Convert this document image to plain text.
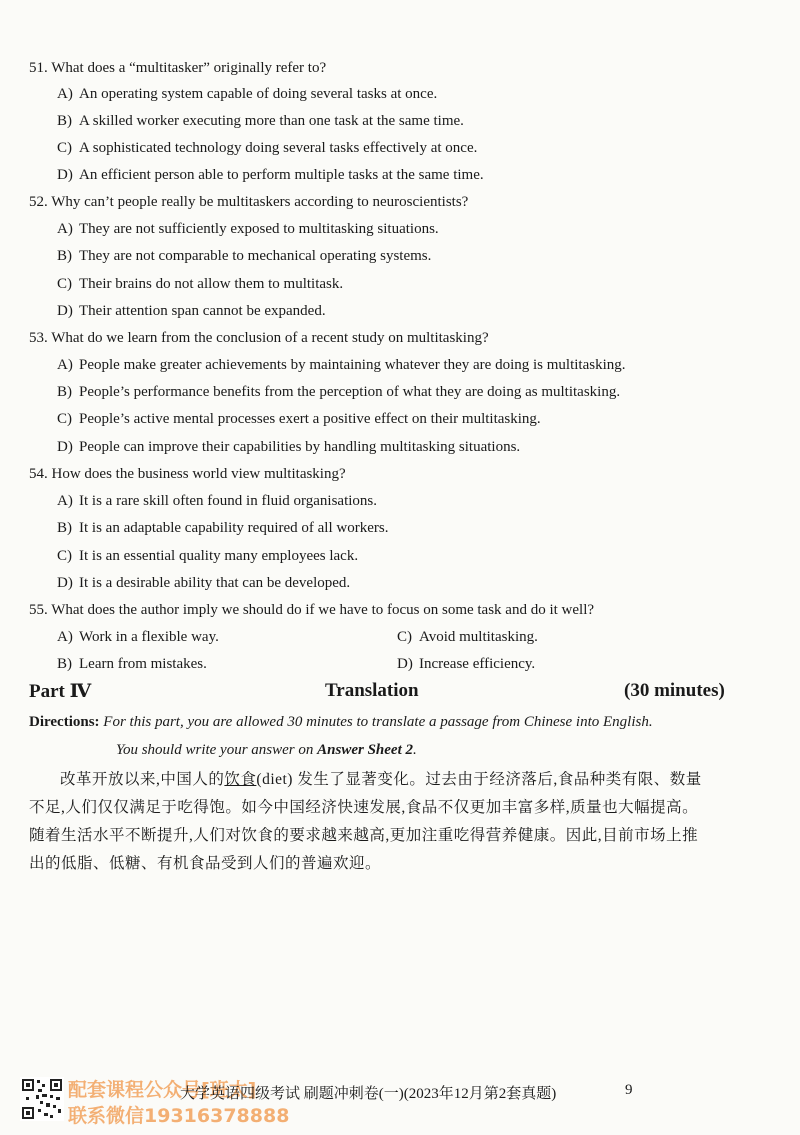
51. What does a “multitasker” originally refer to?
A) An operating system capable of doing several tasks at once.
B) A skilled worker executing more than one task at the same time.
C) A sophisticated technology doing several tasks effectively at once.
D) An efficient person able to perform multiple tasks at the same time.
52. Why can’t people really be multitaskers according to neuroscientists?
A) They are not sufficiently exposed to multitasking situations.
B) They are not comparable to mechanical operating systems.
C) Their brains do not allow them to multitask.
D) Their attention span cannot be expanded.
53. What do we learn from the conclusion of a recent study on multitasking?
A) People make greater achievements by maintaining whatever they are doing is multitasking.
B) People’s performance benefits from the perception of what they are doing as multitasking.
C) People’s active mental processes exert a positive effect on their multitasking.
D) People can improve their capabilities by handling multitasking situations.
54. How does the business world view multitasking?
A) It is a rare skill often found in fluid organisations.
B) It is an adaptable capability required of all workers.
C) It is an essential quality many employees lack.
D) It is a desirable ability that can be developed.
55. What does the author imply we should do if we have to focus on some task and do it well?
A) Work in a flexible way.	C) Avoid multitasking.
B) Learn from mistakes.	D) Increase efficiency.
Part Ⅳ	Translation	(30 minutes)
Directions: For this part, you are allowed 30 minutes to translate a passage from Chinese into English.
You should write your answer on Answer Sheet 2.
改革开放以来,中国人的饮食(diet) 发生了显著变化。过去由于经济落后,食品种类有限、数量
不足,人们仅仅满足于吃得饱。如今中国经济快速发展,食品不仅更加丰富多样,质量也大幅提高。
随着生活水平不断提升,人们对饮食的要求越来越高,更加注重吃得营养健康。因此,目前市场上推
出的低脂、低糖、有机食品受到人们的普遍欢迎。
配套课程公众号[班太]
大学英语四级考试 刷题冲刺卷(一)(2023年12月第2套真题)	9
联系微信19316378888
